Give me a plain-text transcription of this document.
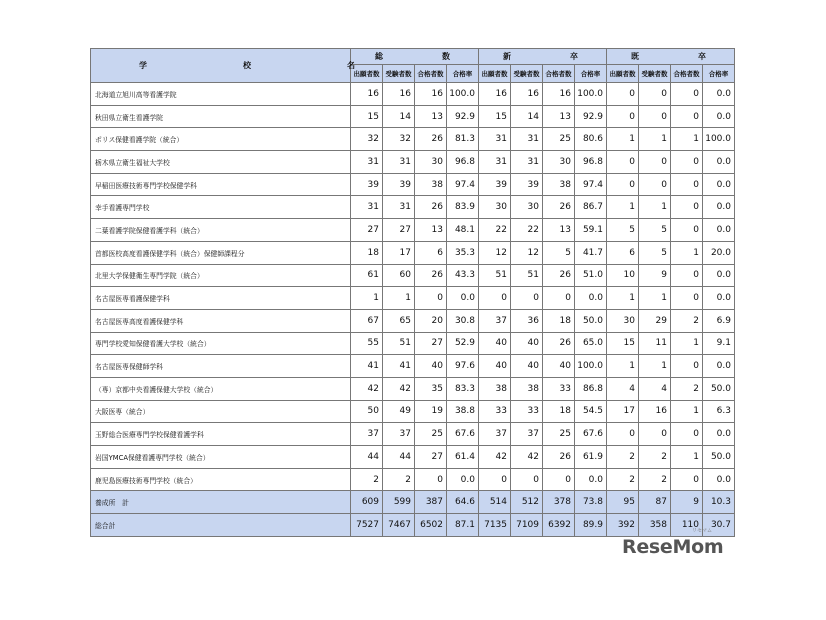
学 校 名	総 数				新 卒				既 卒			

	出願者数	受験者数	合格者数	合格率	出願者数	受験者数	合格者数	合格率	出願者数	受験者数	合格者数	合格率
北海道立旭川高等看護学院	16	16	16	100.0	16	16	16	100.0	0	0	0	0.0
秋田県立衛生看護学院	15	14	13	92.9	15	14	13	92.9	0	0	0	0.0
ポリス保健看護学院（統合）	32	32	26	81.3	31	31	25	80.6	1	1	1	100.0
栃木県立衛生福祉大学校	31	31	30	96.8	31	31	30	96.8	0	0	0	0.0
早稲田医療技術専門学校保健学科	39	39	38	97.4	39	39	38	97.4	0	0	0	0.0
幸手看護専門学校	31	31	26	83.9	30	30	26	86.7	1	1	0	0.0
二葉看護学院保健看護学科（統合）	27	27	13	48.1	22	22	13	59.1	5	5	0	0.0
首都医校高度看護保健学科（統合）保健師課程分	18	17	6	35.3	12	12	5	41.7	6	5	1	20.0
北里大学保健衛生専門学院（統合）	61	60	26	43.3	51	51	26	51.0	10	9	0	0.0
名古屋医専看護保健学科	1	1	0	0.0	0	0	0	0.0	1	1	0	0.0
名古屋医専高度看護保健学科	67	65	20	30.8	37	36	18	50.0	30	29	2	6.9
専門学校愛知保健看護大学校（統合）	55	51	27	52.9	40	40	26	65.0	15	11	1	9.1
名古屋医専保健師学科	41	41	40	97.6	40	40	40	100.0	1	1	0	0.0
（専）京都中央看護保健大学校（統合）	42	42	35	83.3	38	38	33	86.8	4	4	2	50.0
大阪医専（統合）	50	49	19	38.8	33	33	18	54.5	17	16	1	6.3
玉野総合医療専門学校保健看護学科	37	37	25	67.6	37	37	25	67.6	0	0	0	0.0
岩国YMCA保健看護専門学校（統合）	44	44	27	61.4	42	42	26	61.9	2	2	1	50.0
鹿児島医療技術専門学校（統合）	2	2	0	0.0	0	0	0	0.0	2	2	0	0.0
養成所　計	609	599	387	64.6	514	512	378	73.8	95	87	9	10.3
総合計	7527	7467	6502	87.1	7135	7109	6392	89.9	392	358	110	30.7
リセマム
ReseMom
